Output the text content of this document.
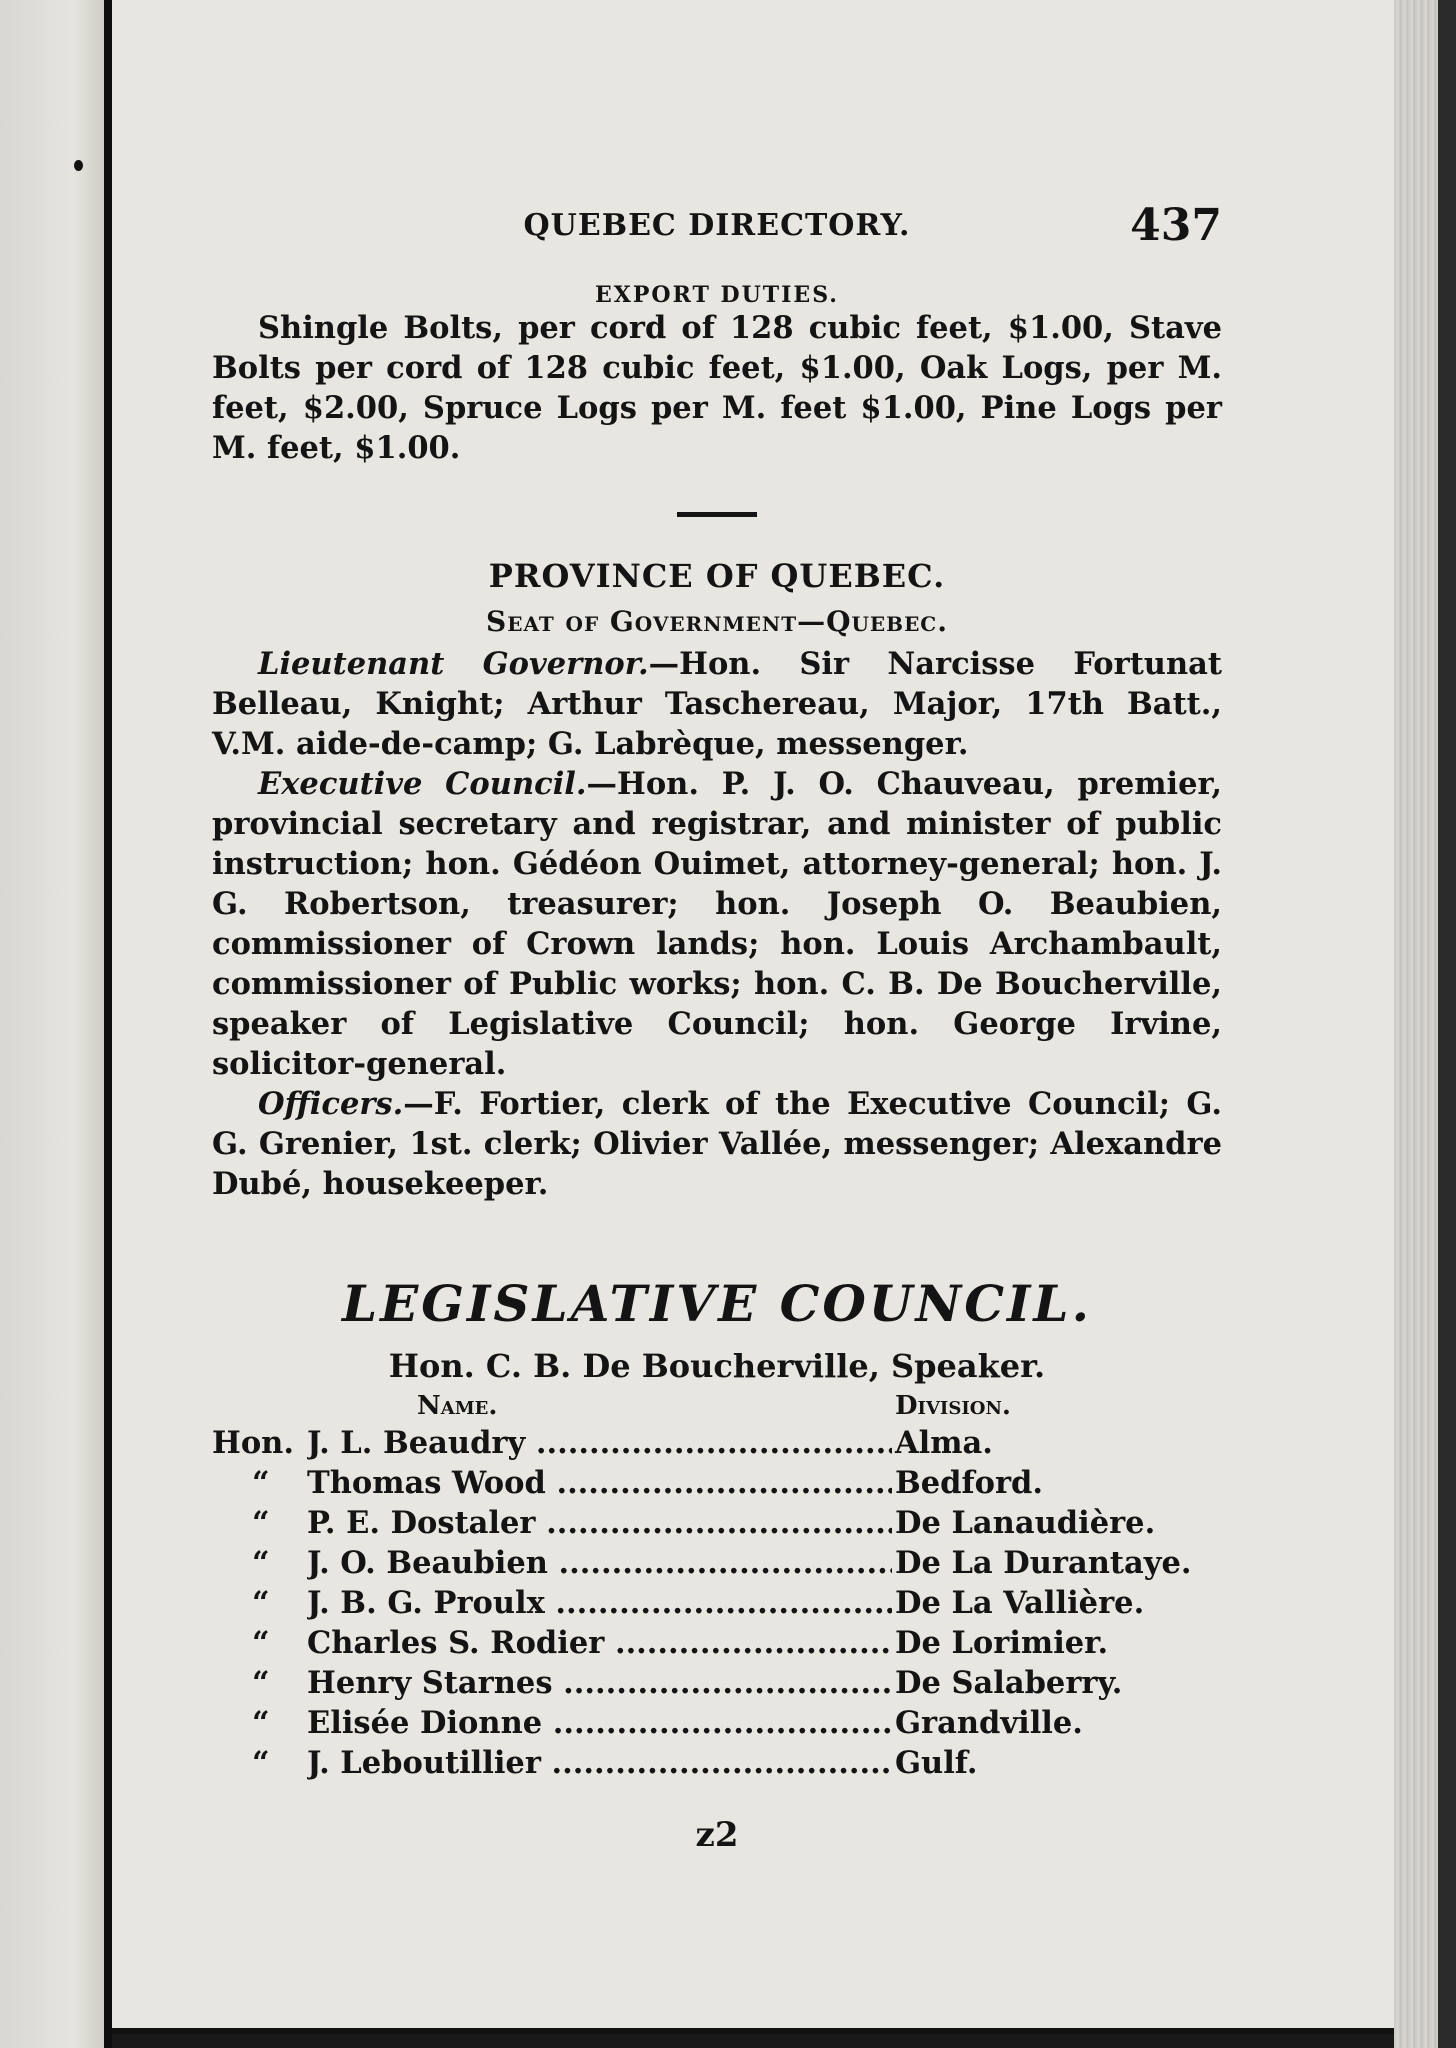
QUEBEC DIRECTORY.	437
EXPORT DUTIES.

Shingle Bolts, per cord of 128 cubic feet, $1.00, Stave Bolts per cord of 128 cubic feet, $1.00, Oak Logs, per M. feet, $2.00, Spruce Logs per M. feet $1.00, Pine Logs per M. feet, $1.00.

PROVINCE OF QUEBEC.
Seat of Government—Quebec.

Lieutenant Governor.—Hon. Sir Narcisse Fortunat Belleau, Knight; Arthur Taschereau, Major, 17th Batt., V.M. aide-de-camp; G. Labrèque, messenger.

Executive Council.—Hon. P. J. O. Chauveau, premier, provincial secretary and registrar, and minister of public instruction; hon. Gédéon Ouimet, attorney-general; hon. J. G. Robertson, treasurer; hon. Joseph O. Beaubien, commissioner of Crown lands; hon. Louis Archambault, commissioner of Public works; hon. C. B. De Boucherville, speaker of Legislative Council; hon. George Irvine, solicitor-general.

Officers.—F. Fortier, clerk of the Executive Council; G. G. Grenier, 1st. clerk; Olivier Vallée, messenger; Alexandre Dubé, housekeeper.

LEGISLATIVE COUNCIL.
Hon. C. B. De Boucherville, Speaker.
Name.	Division.
Hon. J. L. Beaudry .....	Alma.
“ Thomas Wood .....	Bedford.
“ P. E. Dostaler .....	De Lanaudière.
“ J. O. Beaubien .....	De La Durantaye.
“ J. B. G. Proulx .....	De La Vallière.
“ Charles S. Rodier .....	De Lorimier.
“ Henry Starnes .....	De Salaberry.
“ Elisée Dionne .....	Grandville.
“ J. Leboutillier .....	Gulf.
z2
